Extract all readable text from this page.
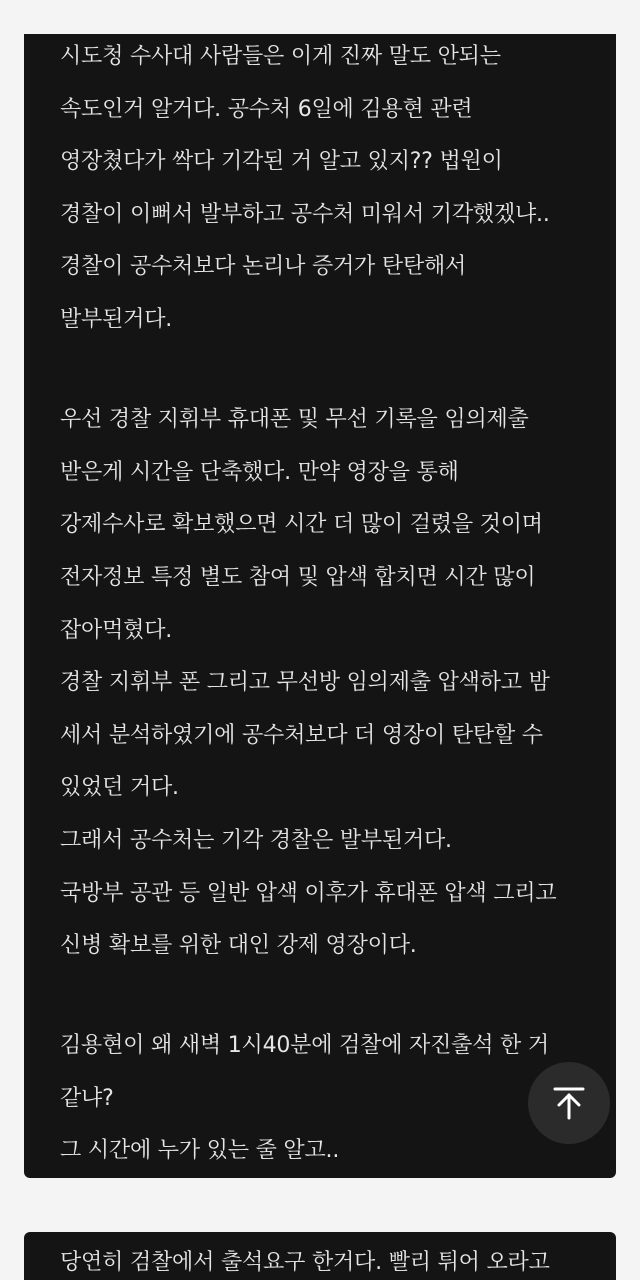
시도청 수사대 사람들은 이게 진짜 말도 안되는
속도인거 알거다. 공수처 6일에 김용현 관련
영장쳤다가 싹다 기각된 거 알고 있지?? 법원이
경찰이 이뻐서 발부하고 공수처 미워서 기각했겠냐..
경찰이 공수처보다 논리나 증거가 탄탄해서
발부된거다.
우선 경찰 지휘부 휴대폰 및 무선 기록을 임의제출
받은게 시간을 단축했다. 만약 영장을 통해
강제수사로 확보했으면 시간 더 많이 걸렸을 것이며
전자정보 특정 별도 참여 및 압색 합치면 시간 많이
잡아먹혔다.
경찰 지휘부 폰 그리고 무선방 임의제출 압색하고 밤
세서 분석하였기에 공수처보다 더 영장이 탄탄할 수
있었던 거다.
그래서 공수처는 기각 경찰은 발부된거다.
국방부 공관 등 일반 압색 이후가 휴대폰 압색 그리고
신병 확보를 위한 대인 강제 영장이다.
김용현이 왜 새벽 1시40분에 검찰에 자진출석 한 거
같냐?
그 시간에 누가 있는 줄 알고..
당연히 검찰에서 출석요구 한거다. 빨리 튀어 오라고
